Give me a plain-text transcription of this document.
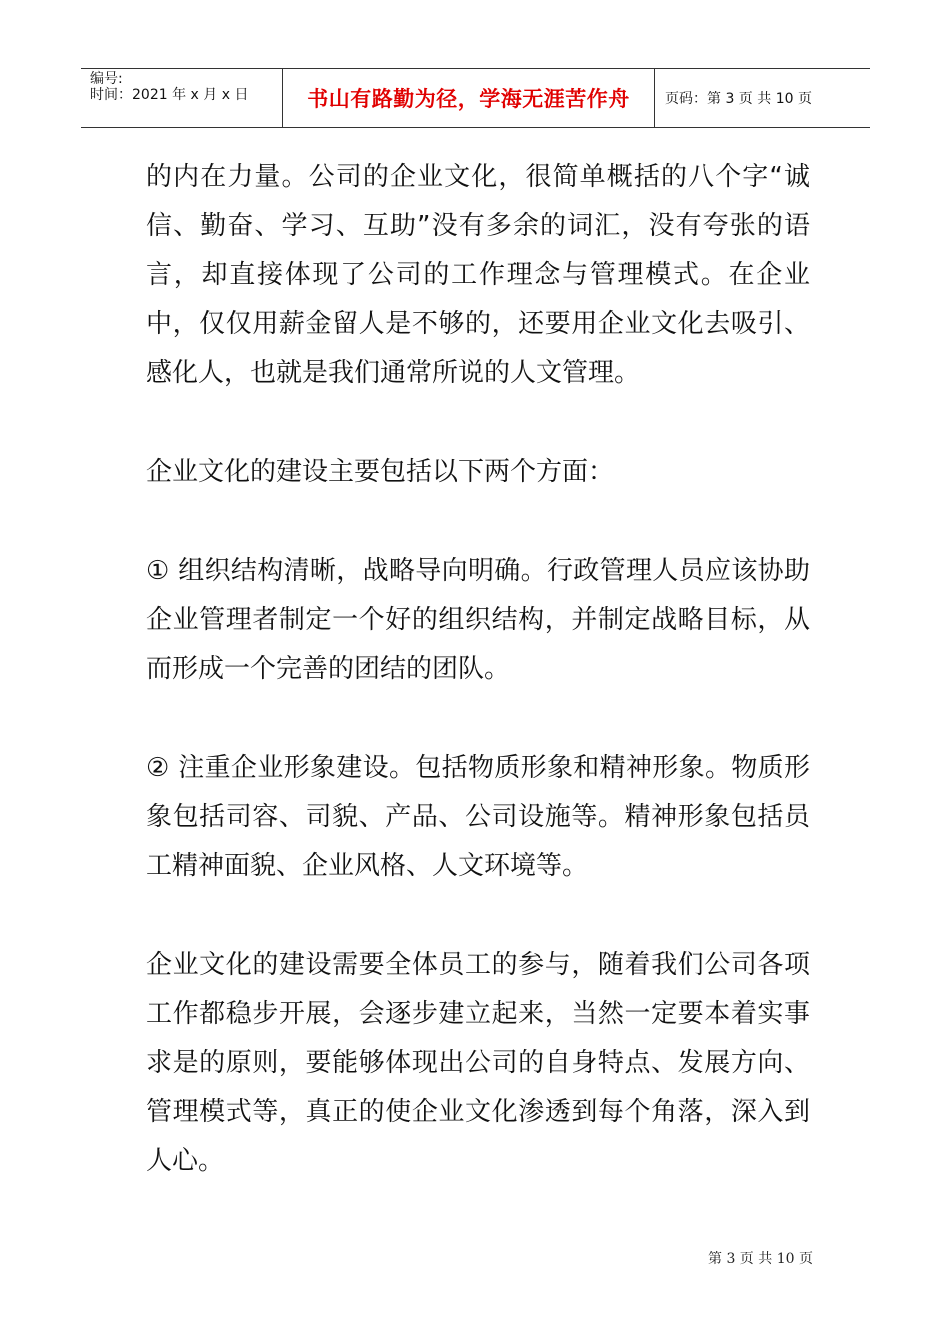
编号:
时间：2021 年 x 月 x 日	书山有路勤为径，学海无涯苦作舟	页码：第 3 页 共 10 页

的内在力量。公司的企业文化，很简单概括的八个字“诚信、勤奋、学习、互助”没有多余的词汇，没有夸张的语言，却直接体现了公司的工作理念与管理模式。在企业中，仅仅用薪金留人是不够的，还要用企业文化去吸引、感化人，也就是我们通常所说的人文管理。

企业文化的建设主要包括以下两个方面：

① 组织结构清晰，战略导向明确。行政管理人员应该协助企业管理者制定一个好的组织结构，并制定战略目标，从而形成一个完善的团结的团队。

② 注重企业形象建设。包括物质形象和精神形象。物质形象包括司容、司貌、产品、公司设施等。精神形象包括员工精神面貌、企业风格、人文环境等。

企业文化的建设需要全体员工的参与，随着我们公司各项工作都稳步开展，会逐步建立起来，当然一定要本着实事求是的原则，要能够体现出公司的自身特点、发展方向、管理模式等，真正的使企业文化渗透到每个角落，深入到人心。

第 3 页 共 10 页
